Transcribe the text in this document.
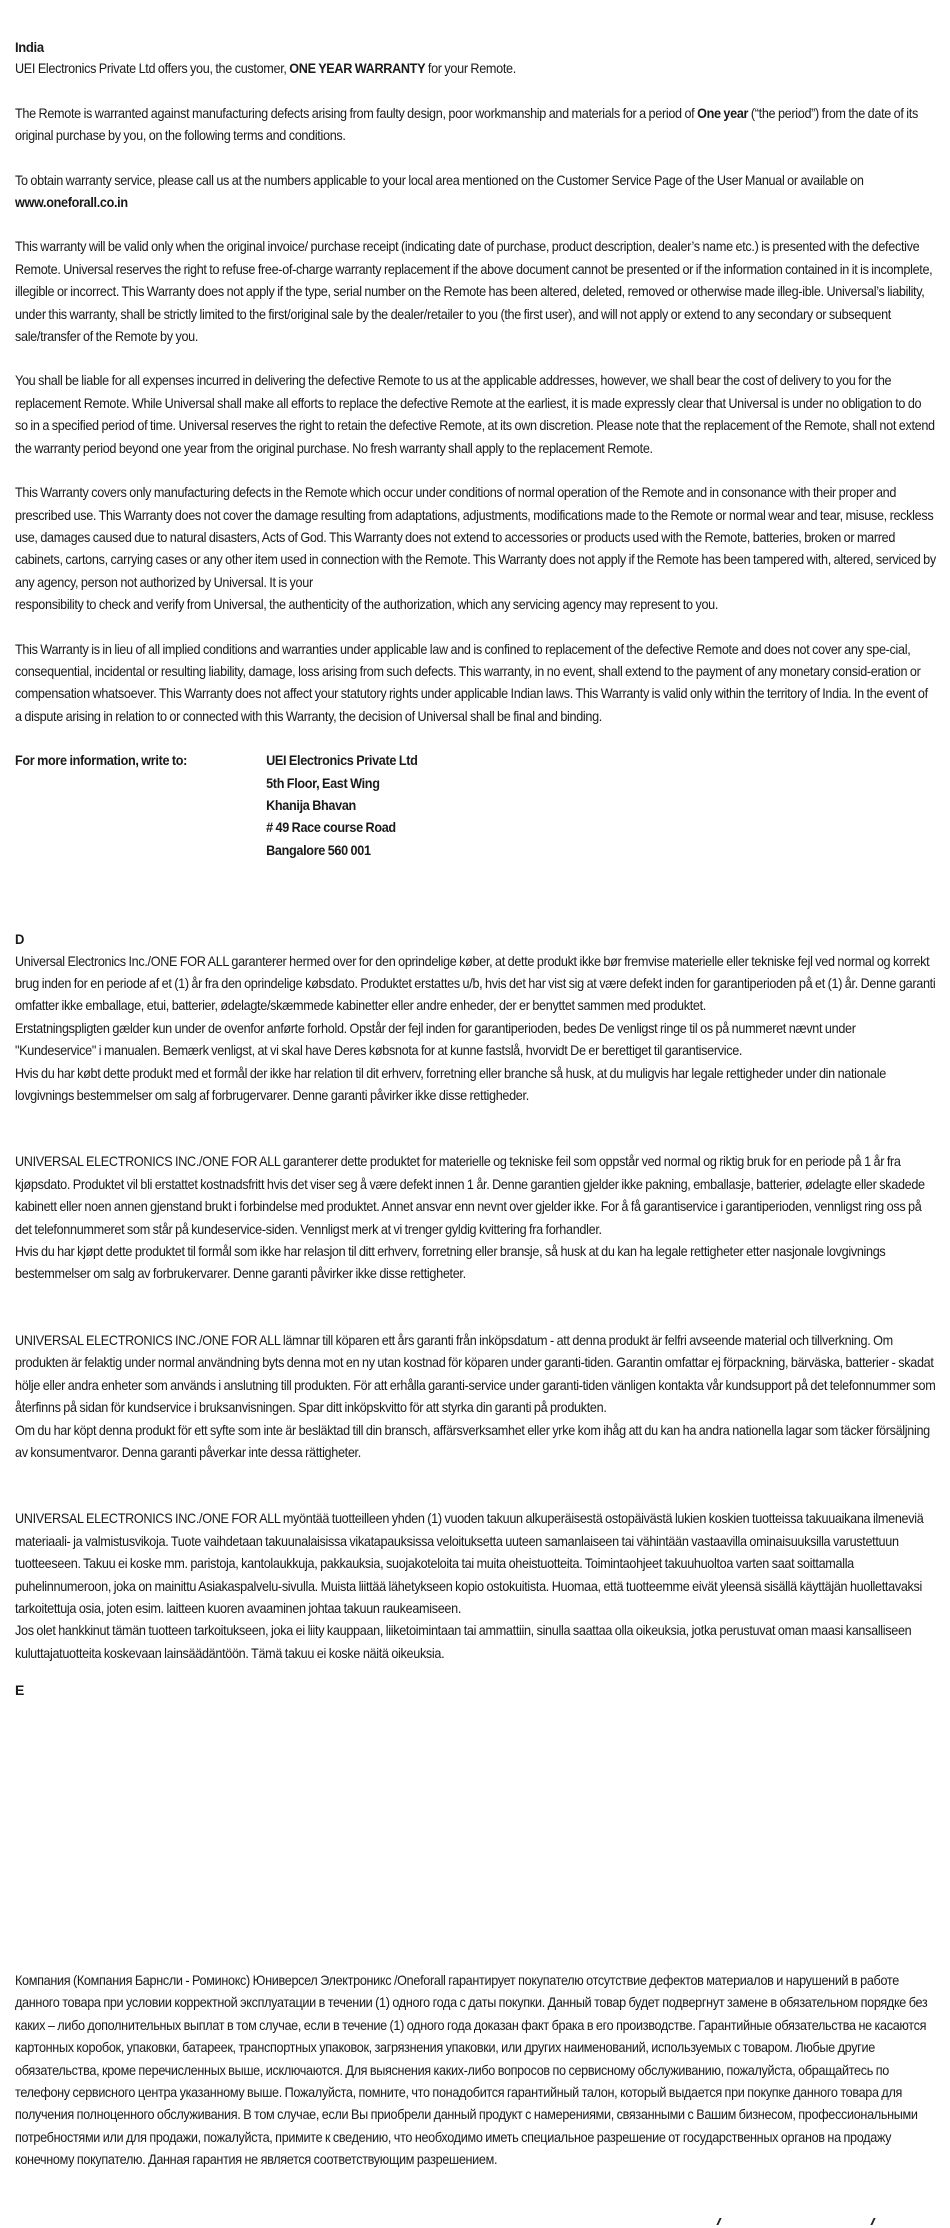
India

UEI Electronics Private Ltd offers you, the customer, ONE YEAR WARRANTY for your Remote.

The Remote is warranted against manufacturing defects arising from faulty design, poor workmanship and materials for a period of One year (“the period”) from the date of its original purchase by you, on the following terms and conditions.

To obtain warranty service, please call us at the numbers applicable to your local area mentioned on the Customer Service Page of the User Manual or available on www.oneforall.co.in

This warranty will be valid only when the original invoice/ purchase receipt (indicating date of purchase, product description, dealer’s name etc.) is presented with the defective Remote. Universal reserves the right to refuse free-of-charge warranty replacement if the above document cannot be presented or if the information contained in it is incomplete, illegible or incorrect. This Warranty does not apply if the type, serial number on the Remote has been altered, deleted, removed or otherwise made illeg-ible. Universal’s liability, under this warranty, shall be strictly limited to the first/original sale by the dealer/retailer to you (the first user), and will not apply or extend to any secondary or subsequent sale/transfer of the Remote by you.

You shall be liable for all expenses incurred in delivering the defective Remote to us at the applicable addresses, however, we shall bear the cost of delivery to you for the replacement Remote. While Universal shall make all efforts to replace the defective Remote at the earliest, it is made expressly clear that Universal is under no obligation to do so in a specified period of time. Universal reserves the right to retain the defective Remote, at its own discretion. Please note that the replacement of the Remote, shall not extend the warranty period beyond one year from the original purchase. No fresh warranty shall apply to the replacement Remote.

This Warranty covers only manufacturing defects in the Remote which occur under conditions of normal operation of the Remote and in consonance with their proper and prescribed use. This Warranty does not cover the damage resulting from adaptations, adjustments, modifications made to the Remote or normal wear and tear, misuse, reckless use, damages caused due to natural disasters, Acts of God. This Warranty does not extend to accessories or products used with the Remote, batteries, broken or marred cabinets, cartons, carrying cases or any other item used in connection with the Remote. This Warranty does not apply if the Remote has been tampered with, altered, serviced by any agency, person not authorized by Universal. It is your

responsibility to check and verify from Universal, the authenticity of the authorization, which any servicing agency may represent to you.

This Warranty is in lieu of all implied conditions and warranties under applicable law and is confined to replacement of the defective Remote and does not cover any spe-cial, consequential, incidental or resulting liability, damage, loss arising from such defects. This warranty, in no event, shall extend to the payment of any monetary consid-eration or compensation whatsoever. This Warranty does not affect your statutory rights under applicable Indian laws. This Warranty is valid only within the territory of India. In the event of a dispute arising in relation to or connected with this Warranty, the decision of Universal shall be final and binding.

For more information, write to:	UEI Electronics Private Ltd
5th Floor, East Wing
Khanija Bhavan
# 49 Race course Road
Bangalore 560 001

D

Universal Electronics Inc./ONE FOR ALL garanterer hermed over for den oprindelige køber, at dette produkt ikke bør fremvise materielle eller tekniske fejl ved normal og korrekt brug inden for en periode af et (1) år fra den oprindelige købsdato. Produktet erstattes u/b, hvis det har vist sig at være defekt inden for garantiperioden på et (1) år. Denne garanti omfatter ikke emballage, etui, batterier, ødelagte/skæmmede kabinetter eller andre enheder, der er benyttet sammen med produktet.

Erstatningspligten gælder kun under de ovenfor anførte forhold. Opstår der fejl inden for garantiperioden, bedes De venligst ringe til os på nummeret nævnt under "Kundeservice" i manualen. Bemærk venligst, at vi skal have Deres købsnota for at kunne fastslå, hvorvidt De er berettiget til garantiservice.

Hvis du har købt dette produkt med et formål der ikke har relation til dit erhverv, forretning eller branche så husk, at du muligvis har legale rettigheder under din nationale lovgivnings bestemmelser om salg af forbrugervarer. Denne garanti påvirker ikke disse rettigheder.

UNIVERSAL ELECTRONICS INC./ONE FOR ALL garanterer dette produktet for materielle og tekniske feil som oppstår ved normal og riktig bruk for en periode på 1 år fra kjøpsdato. Produktet vil bli erstattet kostnadsfritt hvis det viser seg å være defekt innen 1 år. Denne garantien gjelder ikke pakning, emballasje, batterier, ødelagte eller skadede kabinett eller noen annen gjenstand brukt i forbindelse med produktet. Annet ansvar enn nevnt over gjelder ikke. For å få garantiservice i garantiperioden, vennligst ring oss på det telefonnummeret som står på kundeservice-siden. Vennligst merk at vi trenger gyldig kvittering fra forhandler.

Hvis du har kjøpt dette produktet til formål som ikke har relasjon til ditt erhverv, forretning eller bransje, så husk at du kan ha legale rettigheter etter nasjonale lovgivnings bestemmelser om salg av forbrukervarer. Denne garanti påvirker ikke disse rettigheter.

UNIVERSAL ELECTRONICS INC./ONE FOR ALL lämnar till köparen ett års garanti från inköpsdatum - att denna produkt är felfri avseende material och tillverkning. Om produkten är felaktig under normal användning byts denna mot en ny utan kostnad för köparen under garanti-tiden. Garantin omfattar ej förpackning, bärväska, batterier - skadat hölje eller andra enheter som används i anslutning till produkten. För att erhålla garanti-service under garanti-tiden vänligen kontakta vår kundsupport på det telefonnummer som återfinns på sidan för kundservice i bruksanvisningen. Spar ditt inköpskvitto för att styrka din garanti på produkten.

Om du har köpt denna produkt för ett syfte som inte är besläktad till din bransch, affärsverksamhet eller yrke kom ihåg att du kan ha andra nationella lagar som täcker försäljning av konsumentvaror. Denna garanti påverkar inte dessa rättigheter.

UNIVERSAL ELECTRONICS INC./ONE FOR ALL myöntää tuotteilleen yhden (1) vuoden takuun alkuperäisestä ostopäivästä lukien koskien tuotteissa takuuaikana ilmeneviä materiaali- ja valmistusvikoja. Tuote vaihdetaan takuunalaisissa vikatapauksissa veloituksetta uuteen samanlaiseen tai vähintään vastaavilla ominaisuuksilla varustettuun tuotteeseen. Takuu ei koske mm. paristoja, kantolaukkuja, pakkauksia, suojakoteloita tai muita oheistuotteita. Toimintaohjeet takuuhuoltoa varten saat soittamalla puhelinnumeroon, joka on mainittu Asiakaspalvelu-sivulla. Muista liittää lähetykseen kopio ostokuitista. Huomaa, että tuotteemme eivät yleensä sisällä käyttäjän huollettavaksi tarkoitettuja osia, joten esim. laitteen kuoren avaaminen johtaa takuun raukeamiseen.

Jos olet hankkinut tämän tuotteen tarkoitukseen, joka ei liity kauppaan, liiketoimintaan tai ammattiin, sinulla saattaa olla oikeuksia, jotka perustuvat oman maasi kansalliseen kuluttajatuotteita koskevaan lainsäädäntöön. Tämä takuu ei koske näitä oikeuksia.

E

Компания (Компания Барнсли - Роминокс) Юниверсел Электроникс /Oneforall гарантирует покупателю отсутствие дефектов материалов и нарушений в работе данного товара при условии корректной эксплуатации в течении (1) одного года с даты покупки. Данный товар будет подвергнут замене в обязательном порядке без каких – либо дополнительных выплат в том случае, если в течение (1) одного года доказан факт брака в его производстве. Гарантийные обязательства не касаются картонных коробок, упаковки, батареек, транспортных упаковок, загрязнения упаковки, или других наименований, используемых с товаром. Любые другие обязательства, кроме перечисленных выше, исключаются. Для выяснения каких-либо вопросов по сервисному обслуживанию, пожалуйста, обращайтесь по телефону сервисного центра указанному выше. Пожалуйста, помните, что понадобится гарантийный талон, который выдается при покупке данного товара для получения полноценного обслуживания. В том случае, если Вы приобрели данный продукт с намерениями, связанными с Вашим бизнесом, профессиональными потребностями или для продажи, пожалуйста, примите к сведению, что необходимо иметь специальное разрешение от государственных органов на продажу конечному покупателю. Данная гарантия не является соответствующим разрешением.
